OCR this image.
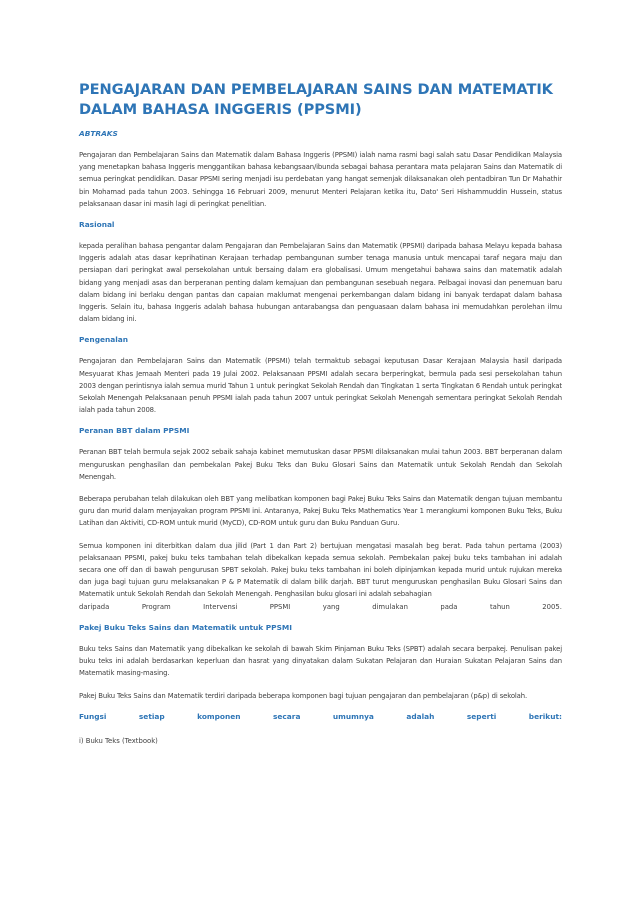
PENGAJARAN DAN PEMBELAJARAN SAINS DAN MATEMATIK DALAM BAHASA INGGERIS (PPSMI)
ABTRAKS

Pengajaran dan Pembelajaran Sains dan Matematik dalam Bahasa Inggeris (PPSMI) ialah nama rasmi bagi salah satu Dasar Pendidikan Malaysia yang menetapkan bahasa Inggeris menggantikan bahasa kebangsaan/ibunda sebagai bahasa perantara mata pelajaran Sains dan Matematik di semua peringkat pendidikan. Dasar PPSMI sering menjadi isu perdebatan yang hangat semenjak dilaksanakan oleh pentadbiran Tun Dr Mahathir bin Mohamad pada tahun 2003. Sehingga 16 Februari 2009, menurut Menteri Pelajaran ketika itu, Dato' Seri Hishammuddin Hussein, status pelaksanaan dasar ini masih lagi di peringkat penelitian.

Rasional

kepada peralihan bahasa pengantar dalam Pengajaran dan Pembelajaran Sains dan Matematik (PPSMI) daripada bahasa Melayu kepada bahasa Inggeris adalah atas dasar keprihatinan Kerajaan terhadap pembangunan sumber tenaga manusia untuk mencapai taraf negara maju dan persiapan dari peringkat awal persekolahan untuk bersaing dalam era globalisasi. Umum mengetahui bahawa sains dan matematik adalah bidang yang menjadi asas dan berperanan penting dalam kemajuan dan pembangunan sesebuah negara. Pelbagai inovasi dan penemuan baru dalam bidang ini berlaku dengan pantas dan capaian maklumat mengenai perkembangan dalam bidang ini banyak terdapat dalam bahasa Inggeris. Selain itu, bahasa Inggeris adalah bahasa hubungan antarabangsa dan penguasaan dalam bahasa ini memudahkan perolehan ilmu dalam bidang ini.

Pengenalan

Pengajaran dan Pembelajaran Sains dan Matematik (PPSMI) telah termaktub sebagai keputusan Dasar Kerajaan Malaysia hasil daripada Mesyuarat Khas Jemaah Menteri pada 19 Julai 2002. Pelaksanaan PPSMI adalah secara berperingkat, bermula pada sesi persekolahan tahun 2003 dengan perintisnya ialah semua murid Tahun 1 untuk peringkat Sekolah Rendah dan Tingkatan 1 serta Tingkatan 6 Rendah untuk peringkat Sekolah Menengah Pelaksanaan penuh PPSMI ialah pada tahun 2007 untuk peringkat Sekolah Menengah sementara peringkat Sekolah Rendah ialah pada tahun 2008.

Peranan BBT dalam PPSMI

Peranan BBT telah bermula sejak 2002 sebaik sahaja kabinet memutuskan dasar PPSMI dilaksanakan mulai tahun 2003. BBT berperanan dalam menguruskan penghasilan dan pembekalan Pakej Buku Teks dan Buku Glosari Sains dan Matematik untuk Sekolah Rendah dan Sekolah Menengah.

Beberapa perubahan telah dilakukan oleh BBT yang melibatkan komponen bagi Pakej Buku Teks Sains dan Matematik dengan tujuan membantu guru dan murid dalam menjayakan program PPSMI ini. Antaranya, Pakej Buku Teks Mathematics Year 1 merangkumi komponen Buku Teks, Buku Latihan dan Aktiviti, CD-ROM untuk murid (MyCD), CD-ROM untuk guru dan Buku Panduan Guru.

Semua komponen ini diterbitkan dalam dua jilid (Part 1 dan Part 2) bertujuan mengatasi masalah beg berat. Pada tahun pertama (2003) pelaksanaan PPSMI, pakej buku teks tambahan telah dibekalkan kepada semua sekolah. Pembekalan pakej buku teks tambahan ini adalah secara one off dan di bawah pengurusan SPBT sekolah. Pakej buku teks tambahan ini boleh dipinjamkan kepada murid untuk rujukan mereka dan juga bagi tujuan guru melaksanakan P & P Matematik di dalam bilik darjah. BBT turut menguruskan penghasilan Buku Glosari Sains dan Matematik untuk Sekolah Rendah dan Sekolah Menengah. Penghasilan buku glosari ini adalah sebahagian

daripada	Program	Intervensi	PPSMI	yang	dimulakan	pada	tahun	2005.
Pakej Buku Teks Sains dan Matematik untuk PPSMI

Buku teks Sains dan Matematik yang dibekalkan ke sekolah di bawah Skim Pinjaman Buku Teks (SPBT) adalah secara berpakej. Penulisan pakej buku teks ini adalah berdasarkan keperluan dan hasrat yang dinyatakan dalam Sukatan Pelajaran dan Huraian Sukatan Pelajaran Sains dan Matematik masing-masing.

Pakej Buku Teks Sains dan Matematik terdiri daripada beberapa komponen bagi tujuan pengajaran dan pembelajaran (p&p) di sekolah.

Fungsi	setiap	komponen	secara	umumnya	adalah	seperti	berikut:

i) Buku Teks (Textbook)
